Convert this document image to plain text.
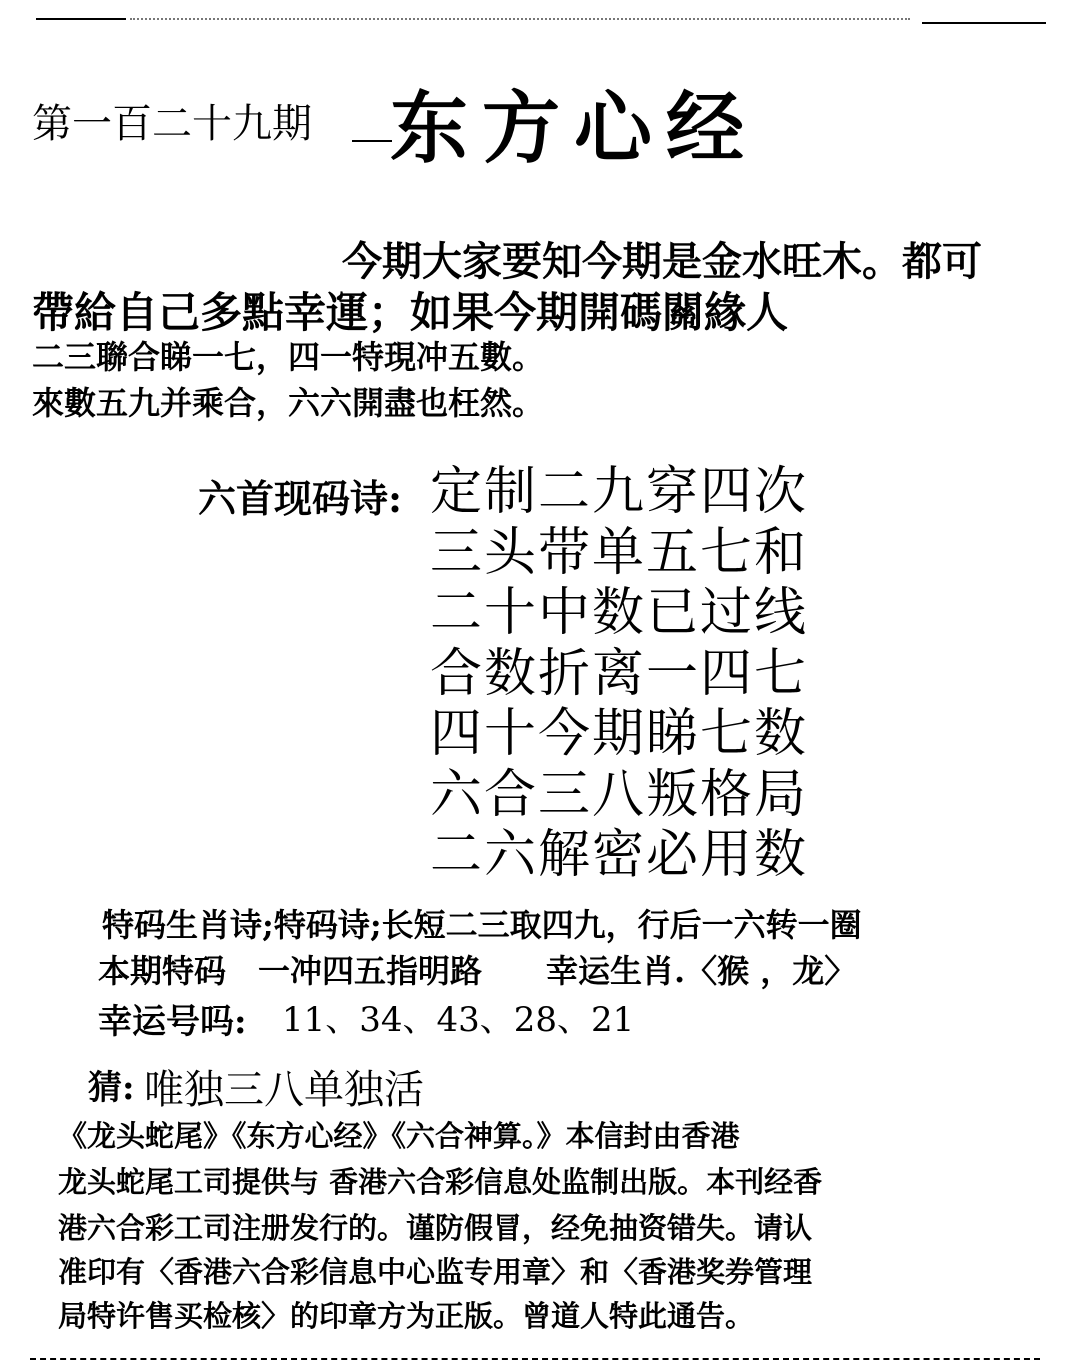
第一百二十九期 东方心经
今期大家要知今期是金水旺木。都可
帶給自己多點幸運；如果今期開碼關緣人
二三聯合睇一七，四一特現冲五數。
來數五九并乘合，六六開盡也枉然。
六首现码诗: 定制二九穿四次
三头带单五七和
二十中数已过线
合数折离一四七
四十今期睇七数
六合三八叛格局
二六解密必用数
特码生肖诗;特码诗;长短二三取四九，行后一六转一圈
本期特码　一冲四五指明路　　幸运生肖.〈猴 ，龙〉
幸运号吗: 11、34、43、28、21
猜: 唯独三八单独活
《龙头蛇尾》《东方心经》《六合神算。》本信封由香港
龙头蛇尾工司提供与 香港六合彩信息处监制出版。本刊经香
港六合彩工司注册发行的。谨防假冒，经免抽资错失。请认
准印有〈香港六合彩信息中心监专用章〉和〈香港奖券管理
局特许售买检核〉的印章方为正版。曾道人特此通告。
